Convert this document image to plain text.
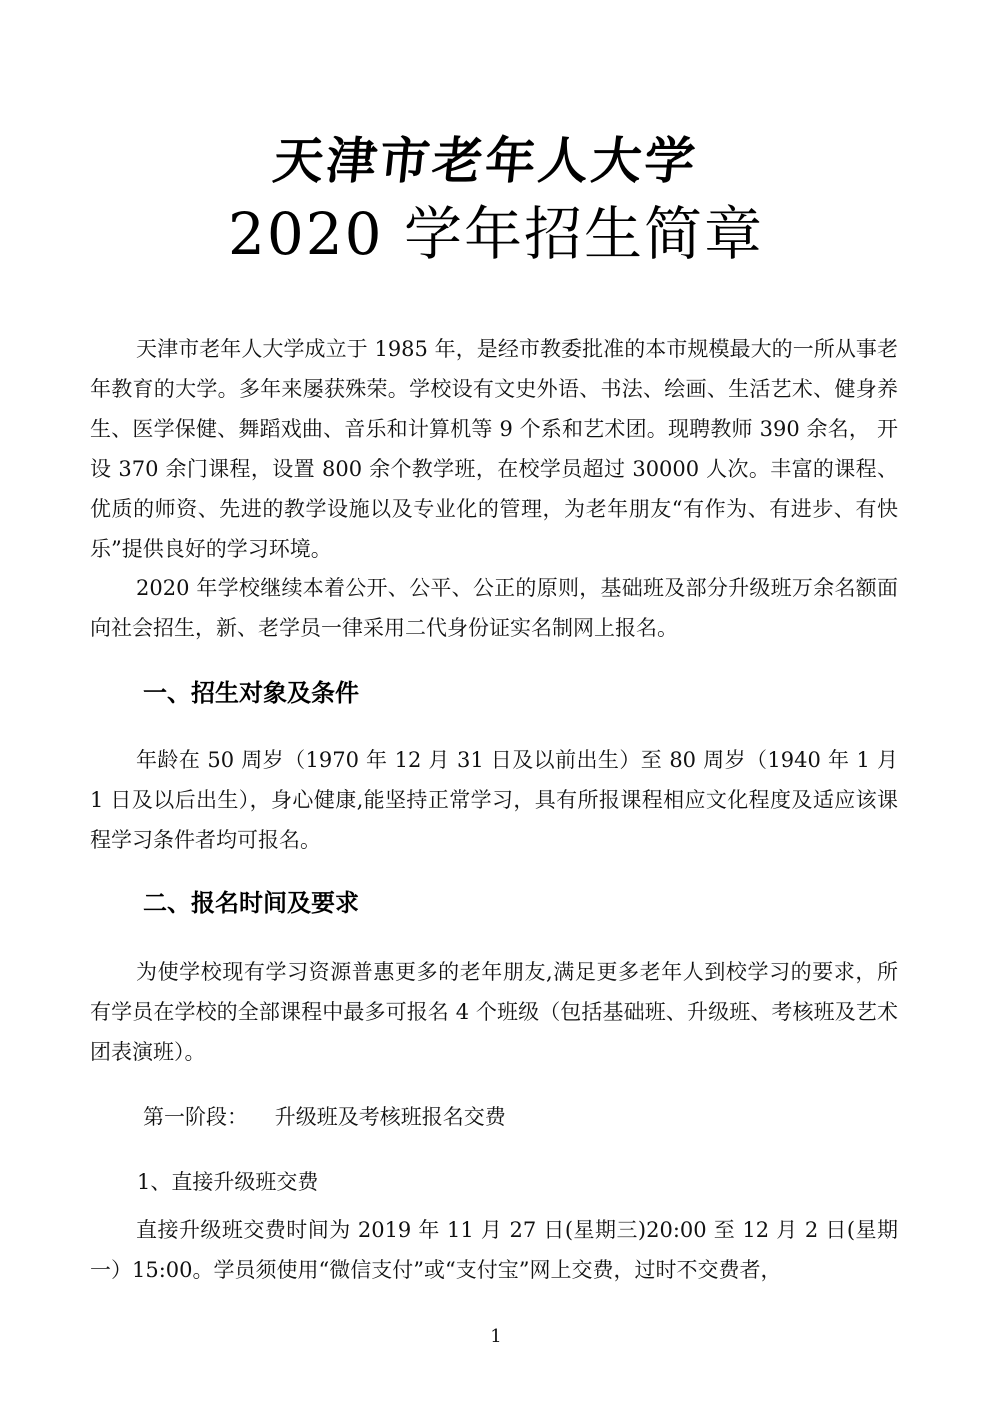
天津市老年人大学
2020 学年招生简章

天津市老年人大学成立于 1985 年，是经市教委批准的本市规模最大的一所从事老年教育的大学。多年来屡获殊荣。学校设有文史外语、书法、绘画、生活艺术、健身养生、医学保健、舞蹈戏曲、音乐和计算机等 9 个系和艺术团。现聘教师 390 余名， 开设 370 余门课程，设置 800 余个教学班，在校学员超过 30000 人次。丰富的课程、优质的师资、先进的教学设施以及专业化的管理，为老年朋友“有作为、有进步、有快乐”提供良好的学习环境。

2020 年学校继续本着公开、公平、公正的原则，基础班及部分升级班万余名额面向社会招生，新、老学员一律采用二代身份证实名制网上报名。

一、招生对象及条件

年龄在 50 周岁（1970 年 12 月 31 日及以前出生）至 80 周岁（1940 年 1 月 1 日及以后出生），身心健康,能坚持正常学习，具有所报课程相应文化程度及适应该课程学习条件者均可报名。

二、报名时间及要求

为使学校现有学习资源普惠更多的老年朋友,满足更多老年人到校学习的要求，所有学员在学校的全部课程中最多可报名 4 个班级（包括基础班、升级班、考核班及艺术团表演班）。

第一阶段：    升级班及考核班报名交费

1、直接升级班交费

直接升级班交费时间为 2019 年 11 月 27 日(星期三)20:00 至 12 月 2 日(星期一）15:00。学员须使用“微信支付”或“支付宝”网上交费，过时不交费者，

1
